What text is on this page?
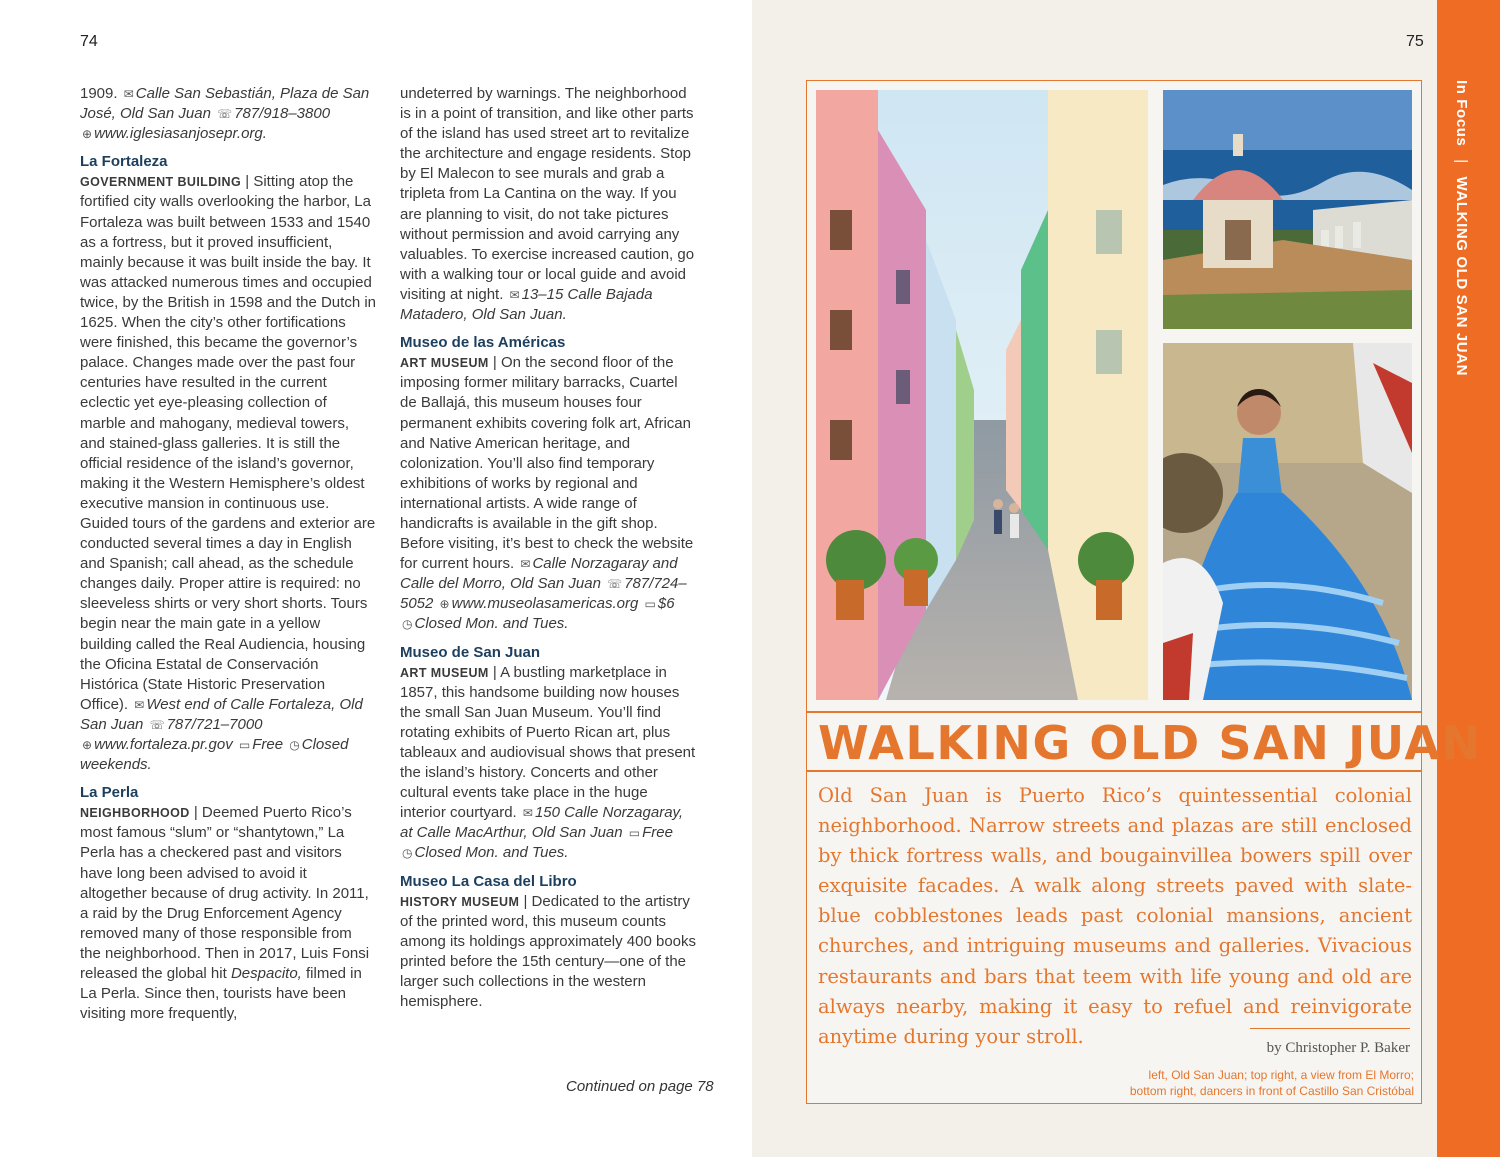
74

1909. ✉ Calle San Sebastián, Plaza de San José, Old San Juan ☏ 787/918–3800 ⊕ www.iglesiasanjosepr.org.

La Fortaleza

GOVERNMENT BUILDING | Sitting atop the fortified city walls overlooking the harbor, La Fortaleza was built between 1533 and 1540 as a fortress, but it proved insufficient, mainly because it was built inside the bay. It was attacked numerous times and occupied twice, by the British in 1598 and the Dutch in 1625. When the city’s other fortifications were finished, this became the governor’s palace. Changes made over the past four centuries have resulted in the current eclectic yet eye-pleasing collection of marble and mahogany, medieval towers, and stained-glass galleries. It is still the official residence of the island’s governor, making it the Western Hemisphere’s oldest executive mansion in continuous use. Guided tours of the gardens and exterior are conducted several times a day in English and Spanish; call ahead, as the schedule changes daily. Proper attire is required: no sleeveless shirts or very short shorts. Tours begin near the main gate in a yellow building called the Real Audiencia, housing the Oficina Estatal de Conservación Histórica (State Historic Preservation Office). ✉ West end of Calle Fortaleza, Old San Juan ☏ 787/721–7000 ⊕ www.fortaleza.pr.gov ▭ Free ◷ Closed weekends.

La Perla

NEIGHBORHOOD | Deemed Puerto Rico’s most famous “slum” or “shantytown,” La Perla has a checkered past and visitors have long been advised to avoid it altogether because of drug activity. In 2011, a raid by the Drug Enforcement Agency removed many of those responsible from the neighborhood. Then in 2017, Luis Fonsi released the global hit Despacito, filmed in La Perla. Since then, tourists have been visiting more frequently,

undeterred by warnings. The neighborhood is in a point of transition, and like other parts of the island has used street art to revitalize the architecture and engage residents. Stop by El Malecon to see murals and grab a tripleta from La Cantina on the way. If you are planning to visit, do not take pictures without permission and avoid carrying any valuables. To exercise increased caution, go with a walking tour or local guide and avoid visiting at night. ✉ 13–15 Calle Bajada Matadero, Old San Juan.

Museo de las Américas

ART MUSEUM | On the second floor of the imposing former military barracks, Cuartel de Ballajá, this museum houses four permanent exhibits covering folk art, African and Native American heritage, and colonization. You’ll also find temporary exhibitions of works by regional and international artists. A wide range of handicrafts is available in the gift shop. Before visiting, it’s best to check the website for current hours. ✉ Calle Norzagaray and Calle del Morro, Old San Juan ☏ 787/724–5052 ⊕ www.museolasamericas.org ▭ $6 ◷ Closed Mon. and Tues.

Museo de San Juan

ART MUSEUM | A bustling marketplace in 1857, this handsome building now houses the small San Juan Museum. You’ll find rotating exhibits of Puerto Rican art, plus tableaux and audiovisual shows that present the island’s history. Concerts and other cultural events take place in the huge interior courtyard. ✉ 150 Calle Norzagaray, at Calle MacArthur, Old San Juan ▭ Free ◷ Closed Mon. and Tues.

Museo La Casa del Libro

HISTORY MUSEUM | Dedicated to the artistry of the printed word, this museum counts among its holdings approximately 400 books printed before the 15th century—one of the larger such collections in the western hemisphere.

Continued on page 78
75
In Focus | WALKING OLD SAN JUAN
WALKING OLD SAN JUAN

Old San Juan is Puerto Rico’s quintessential colonial neighborhood. Narrow streets and plazas are still enclosed by thick fortress walls, and bougainvillea bowers spill over exquisite facades. A walk along streets paved with slate-blue cobblestones leads past colonial mansions, ancient churches, and intriguing museums and galleries. Vivacious restaurants and bars that teem with life young and old are always nearby, making it easy to refuel and reinvigorate anytime during your stroll.

by Christopher P. Baker
left, Old San Juan; top right, a view from El Morro;
bottom right, dancers in front of Castillo San Cristóbal
